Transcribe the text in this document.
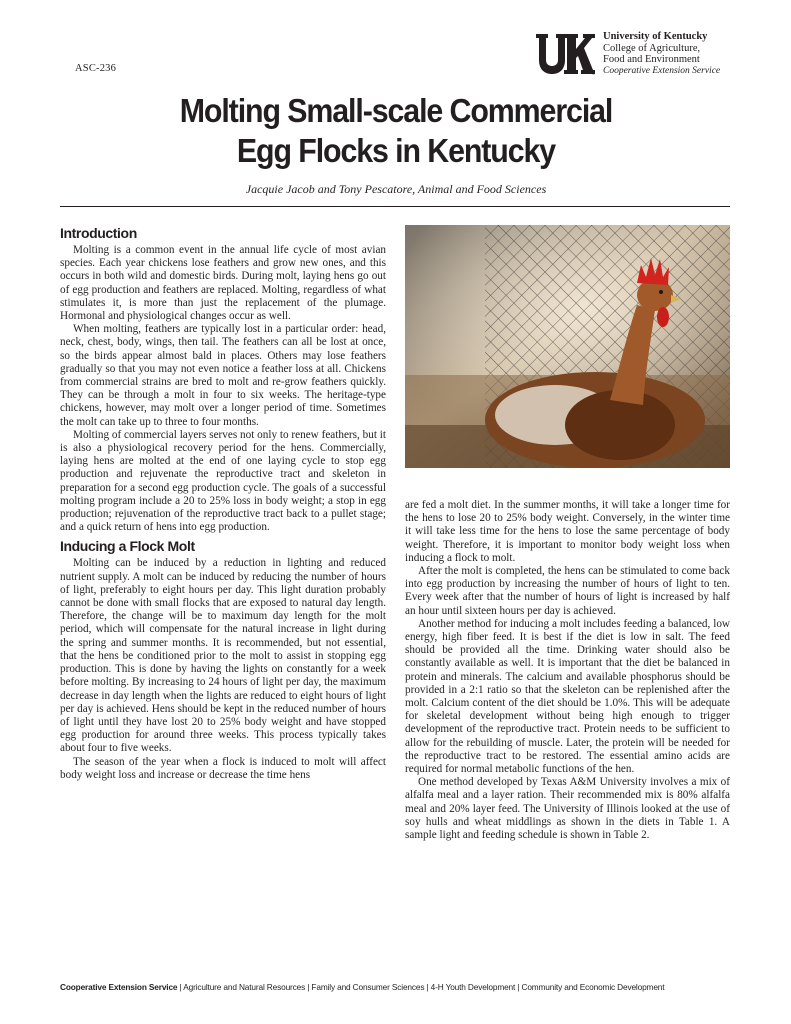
ASC-236	®
University of Kentucky
College of Agriculture,
Food and Environment
Cooperative Extension Service
Molting Small-scale Commercial
Egg Flocks in Kentucky
Jacquie Jacob and Tony Pescatore, Animal and Food Sciences
Introduction

Molting is a common event in the annual life cycle of most avian species. Each year chickens lose feathers and grow new ones, and this occurs in both wild and domestic birds. During molt, laying hens go out of egg production and feathers are replaced. Molting, regardless of what stimulates it, is more than just the replacement of the plumage. Hormonal and physiological changes occur as well.

When molting, feathers are typically lost in a particular order: head, neck, chest, body, wings, then tail. The feathers can all be lost at once, so the birds appear almost bald in places. Others may lose feathers gradually so that you may not even notice a feather loss at all. Chickens from commercial strains are bred to molt and re-grow feathers quickly. They can be through a molt in four to six weeks. The heritage-type chickens, however, may molt over a longer period of time. Sometimes the molt can take up to three to four months.

Molting of commercial layers serves not only to renew feathers, but it is also a physiological recovery period for the hens. Commercially, laying hens are molted at the end of one laying cycle to stop egg production and rejuvenate the reproductive tract and skeleton in preparation for a second egg production cycle. The goals of a successful molting program include a 20 to 25% loss in body weight; a stop in egg production; rejuvenation of the reproductive tract back to a pullet stage; and a quick return of hens into egg production.

Inducing a Flock Molt

Molting can be induced by a reduction in lighting and reduced nutrient supply. A molt can be induced by reducing the number of hours of light, preferably to eight hours per day. This light duration probably cannot be done with small flocks that are exposed to natural day length. Therefore, the change will be to maximum day length for the molt period, which will compensate for the natural increase in light during the spring and summer months. It is recommended, but not essential, that the hens be conditioned prior to the molt to assist in stopping egg production. This is done by having the lights on constantly for a week before molting. By increasing to 24 hours of light per day, the maximum decrease in day length when the lights are reduced to eight hours of light per day is achieved. Hens should be kept in the reduced number of hours of light until they have lost 20 to 25% body weight and have stopped egg production for around three weeks. This process typically takes about four to five weeks.

The season of the year when a flock is induced to molt will affect body weight loss and increase or decrease the time hens

are fed a molt diet. In the summer months, it will take a longer time for the hens to lose 20 to 25% body weight. Conversely, in the winter time it will take less time for the hens to lose the same percentage of body weight. Therefore, it is important to monitor body weight loss when inducing a flock to molt.

After the molt is completed, the hens can be stimulated to come back into egg production by increasing the number of hours of light to ten. Every week after that the number of hours of light is increased by half an hour until sixteen hours per day is achieved.

Another method for inducing a molt includes feeding a balanced, low energy, high fiber feed. It is best if the diet is low in salt. The feed should be provided all the time. Drinking water should also be constantly available as well. It is important that the diet be balanced in protein and minerals. The calcium and available phosphorus should be provided in a 2:1 ratio so that the skeleton can be replenished after the molt. Calcium content of the diet should be 1.0%. This will be adequate for skeletal development without being high enough to trigger development of the reproductive tract. Protein needs to be sufficient to allow for the rebuilding of muscle. Later, the protein will be needed for the reproductive tract to be restored. The essential amino acids are required for normal metabolic functions of the hen.

One method developed by Texas A&M University involves a mix of alfalfa meal and a layer ration. Their recommended mix is 80% alfalfa meal and 20% layer feed. The University of Illinois looked at the use of soy hulls and wheat middlings as shown in the diets in Table 1. A sample light and feeding schedule is shown in Table 2.

Cooperative Extension Service | Agriculture and Natural Resources | Family and Consumer Sciences | 4-H Youth Development | Community and Economic Development
